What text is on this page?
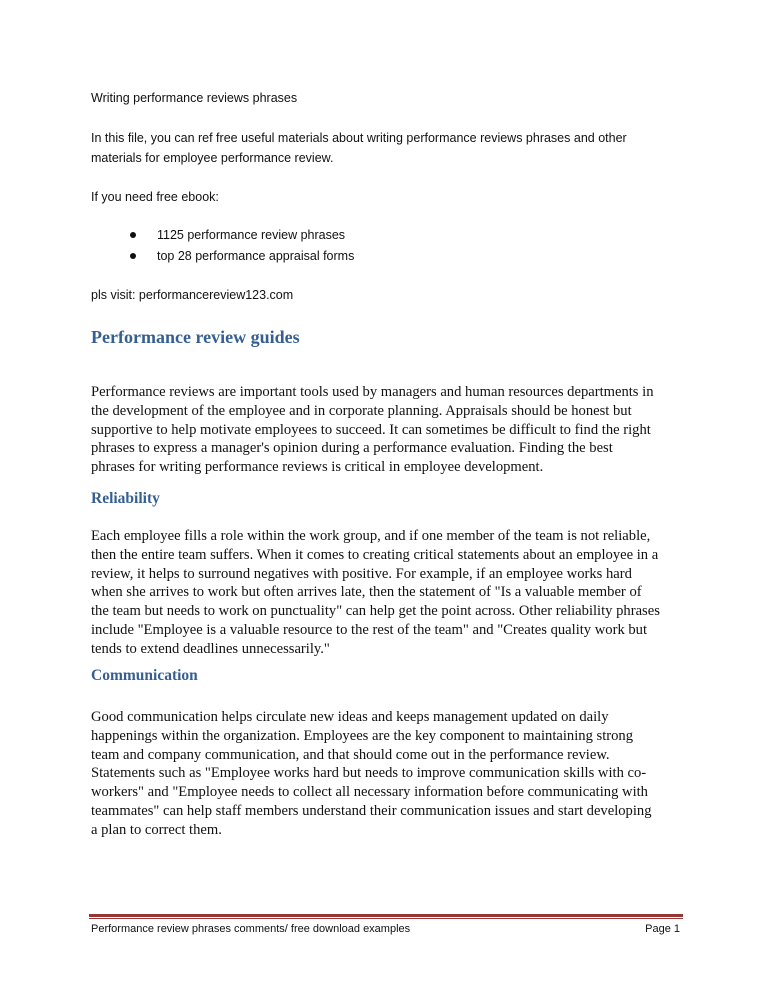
Writing performance reviews phrases

In this file, you can ref free useful materials about writing performance reviews phrases and other

materials for employee performance review.

If you need free ebook:

1125 performance review phrases
top 28 performance appraisal forms

pls visit: performancereview123.com

Performance review guides
Performance reviews are important tools used by managers and human resources departments in
the development of the employee and in corporate planning. Appraisals should be honest but
supportive to help motivate employees to succeed. It can sometimes be difficult to find the right
phrases to express a manager's opinion during a performance evaluation. Finding the best
phrases for writing performance reviews is critical in employee development.
Reliability
Each employee fills a role within the work group, and if one member of the team is not reliable,
then the entire team suffers. When it comes to creating critical statements about an employee in a
review, it helps to surround negatives with positive. For example, if an employee works hard
when she arrives to work but often arrives late, then the statement of "Is a valuable member of
the team but needs to work on punctuality" can help get the point across. Other reliability phrases
include "Employee is a valuable resource to the rest of the team" and "Creates quality work but
tends to extend deadlines unnecessarily."
Communication
Good communication helps circulate new ideas and keeps management updated on daily
happenings within the organization. Employees are the key component to maintaining strong
team and company communication, and that should come out in the performance review.
Statements such as "Employee works hard but needs to improve communication skills with co-
workers" and "Employee needs to collect all necessary information before communicating with
teammates" can help staff members understand their communication issues and start developing
a plan to correct them.
Performance review phrases comments/ free download examples	Page 1
